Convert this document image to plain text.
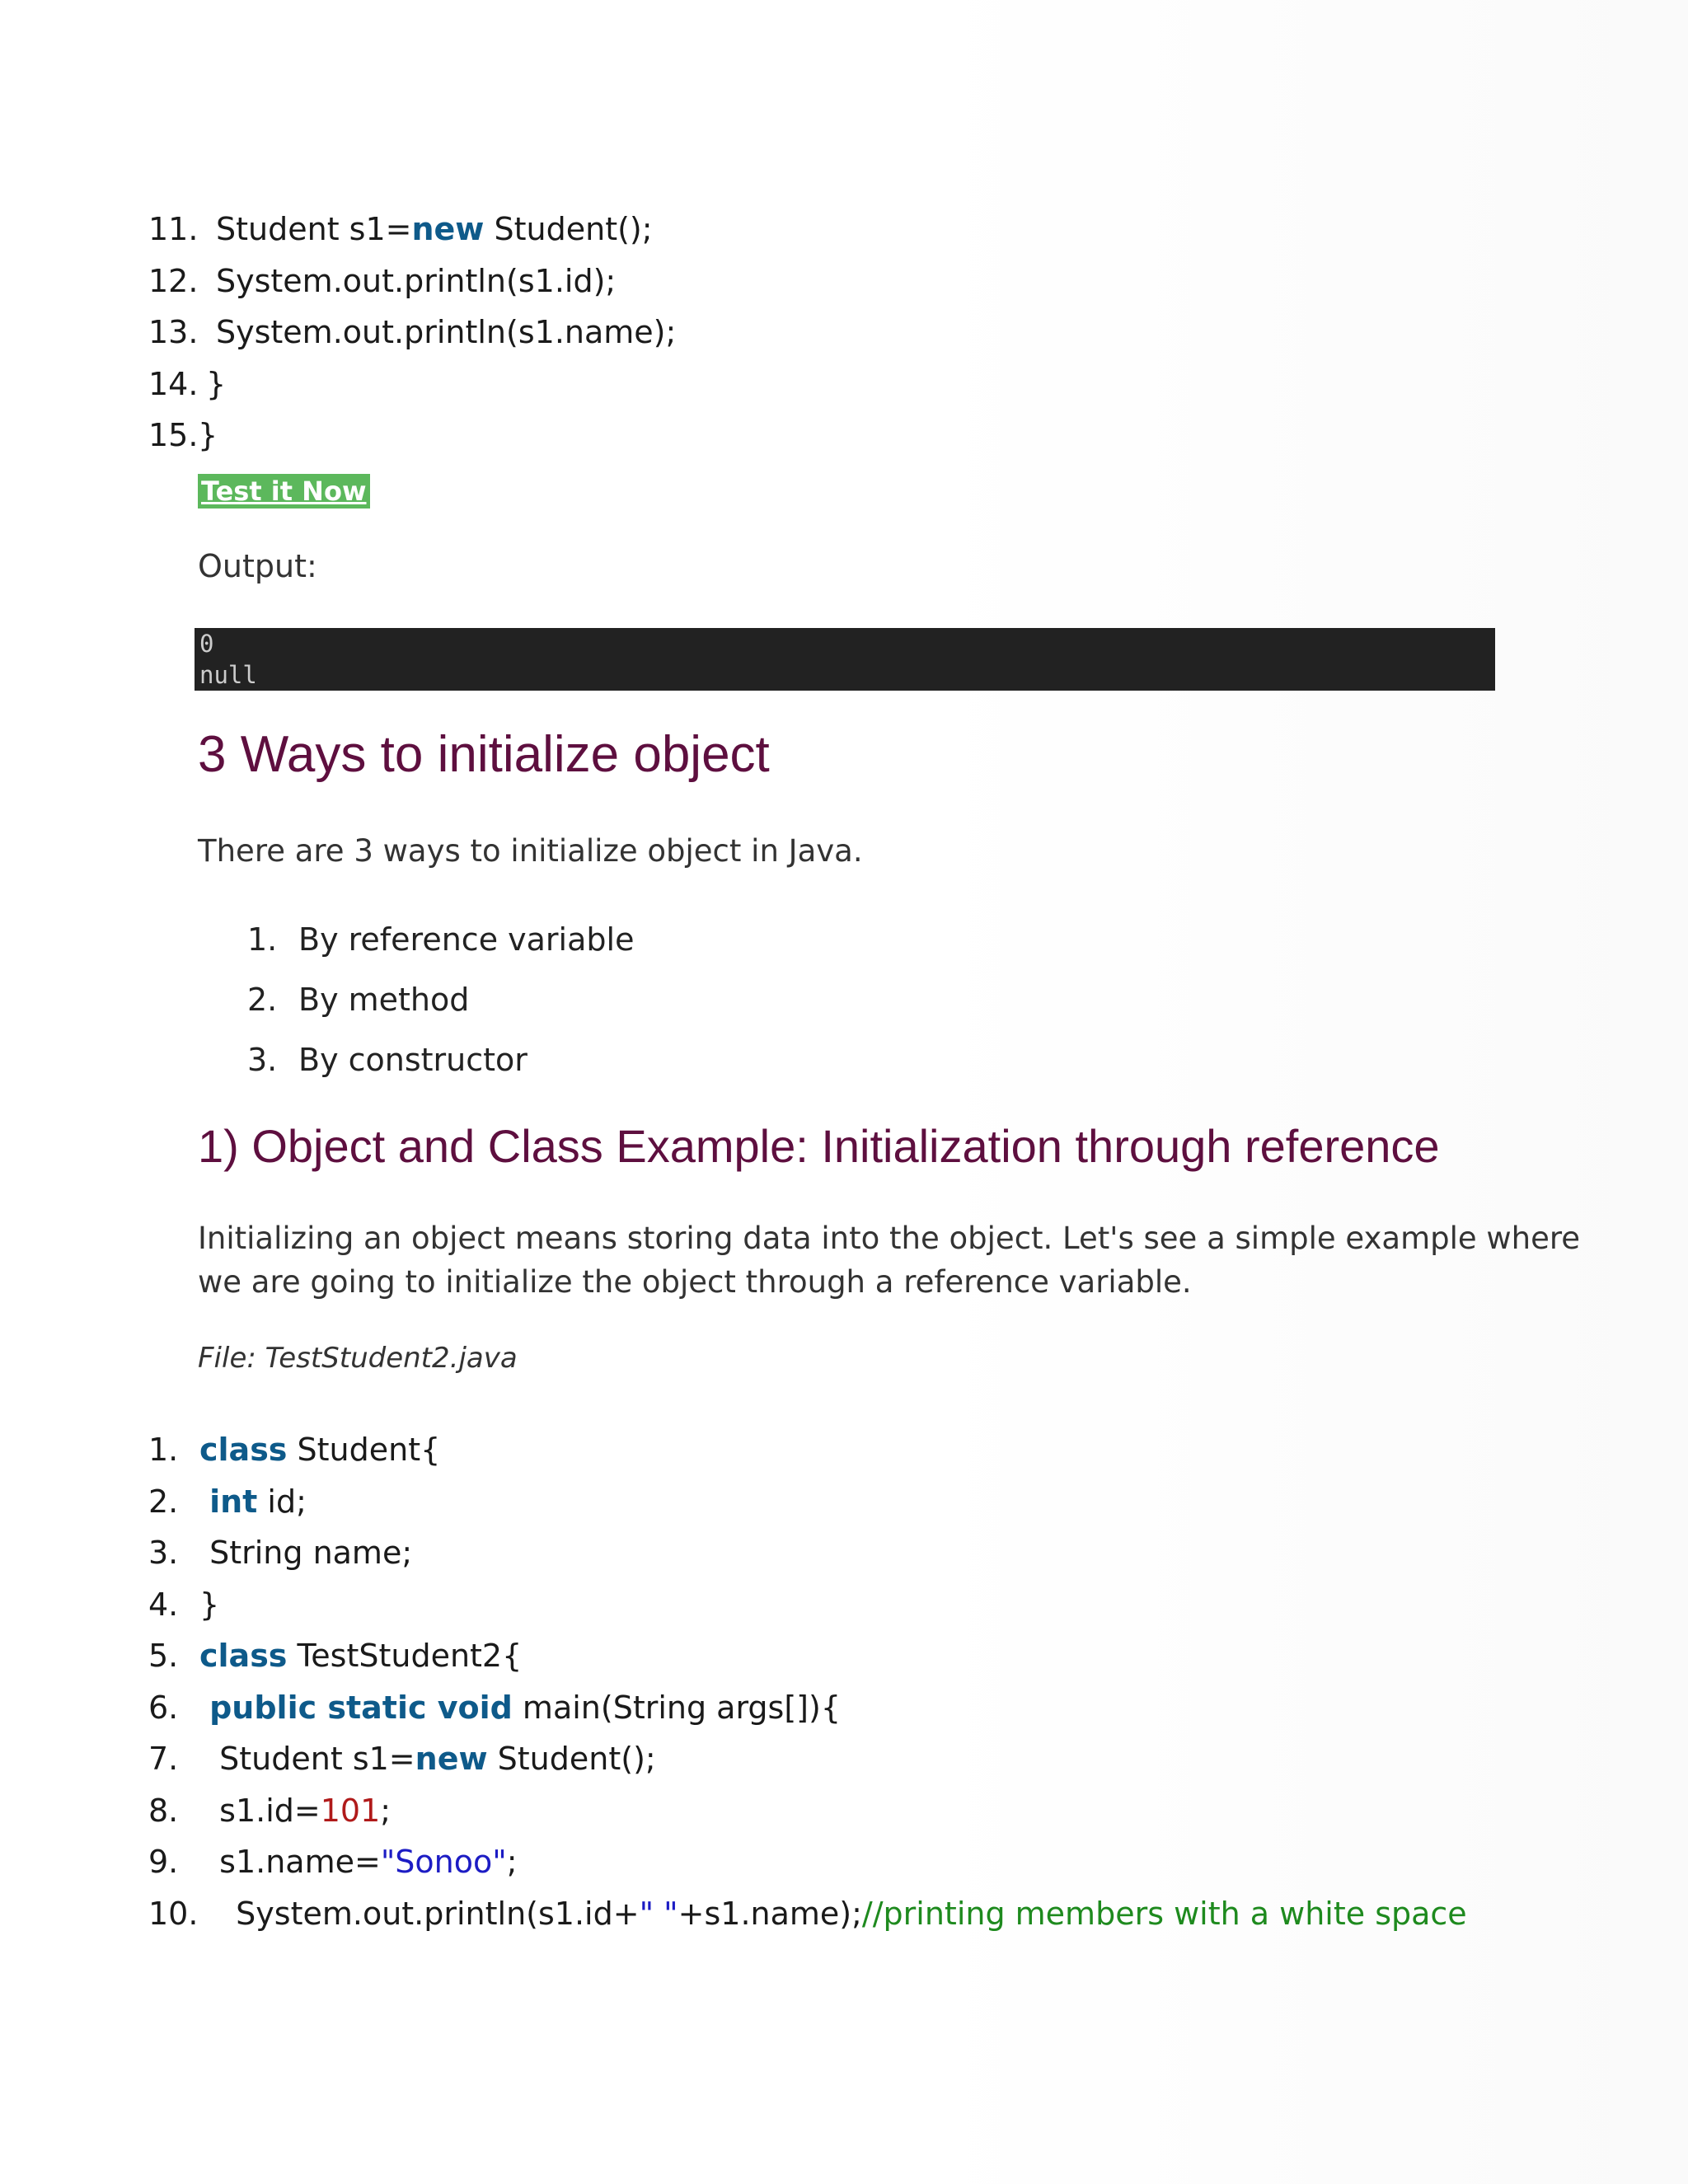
11. Student s1=new Student();
12. System.out.println(s1.id);
13. System.out.println(s1.name);
14. }
15.}
Test it Now
Output:
0
null
3 Ways to initialize object
There are 3 ways to initialize object in Java.
1. By reference variable
2. By method
3. By constructor
1) Object and Class Example: Initialization through reference
Initializing an object means storing data into the object. Let's see a simple example where
we are going to initialize the object through a reference variable.
File: TestStudent2.java
1. class Student{
2. int id;
3. String name;
4. }
5. class TestStudent2{
6. public static void main(String args[]){
7.  Student s1=new Student();
8.  s1.id=101;
9.  s1.name="Sonoo";
10.  System.out.println(s1.id+" "+s1.name);//printing members with a white space
